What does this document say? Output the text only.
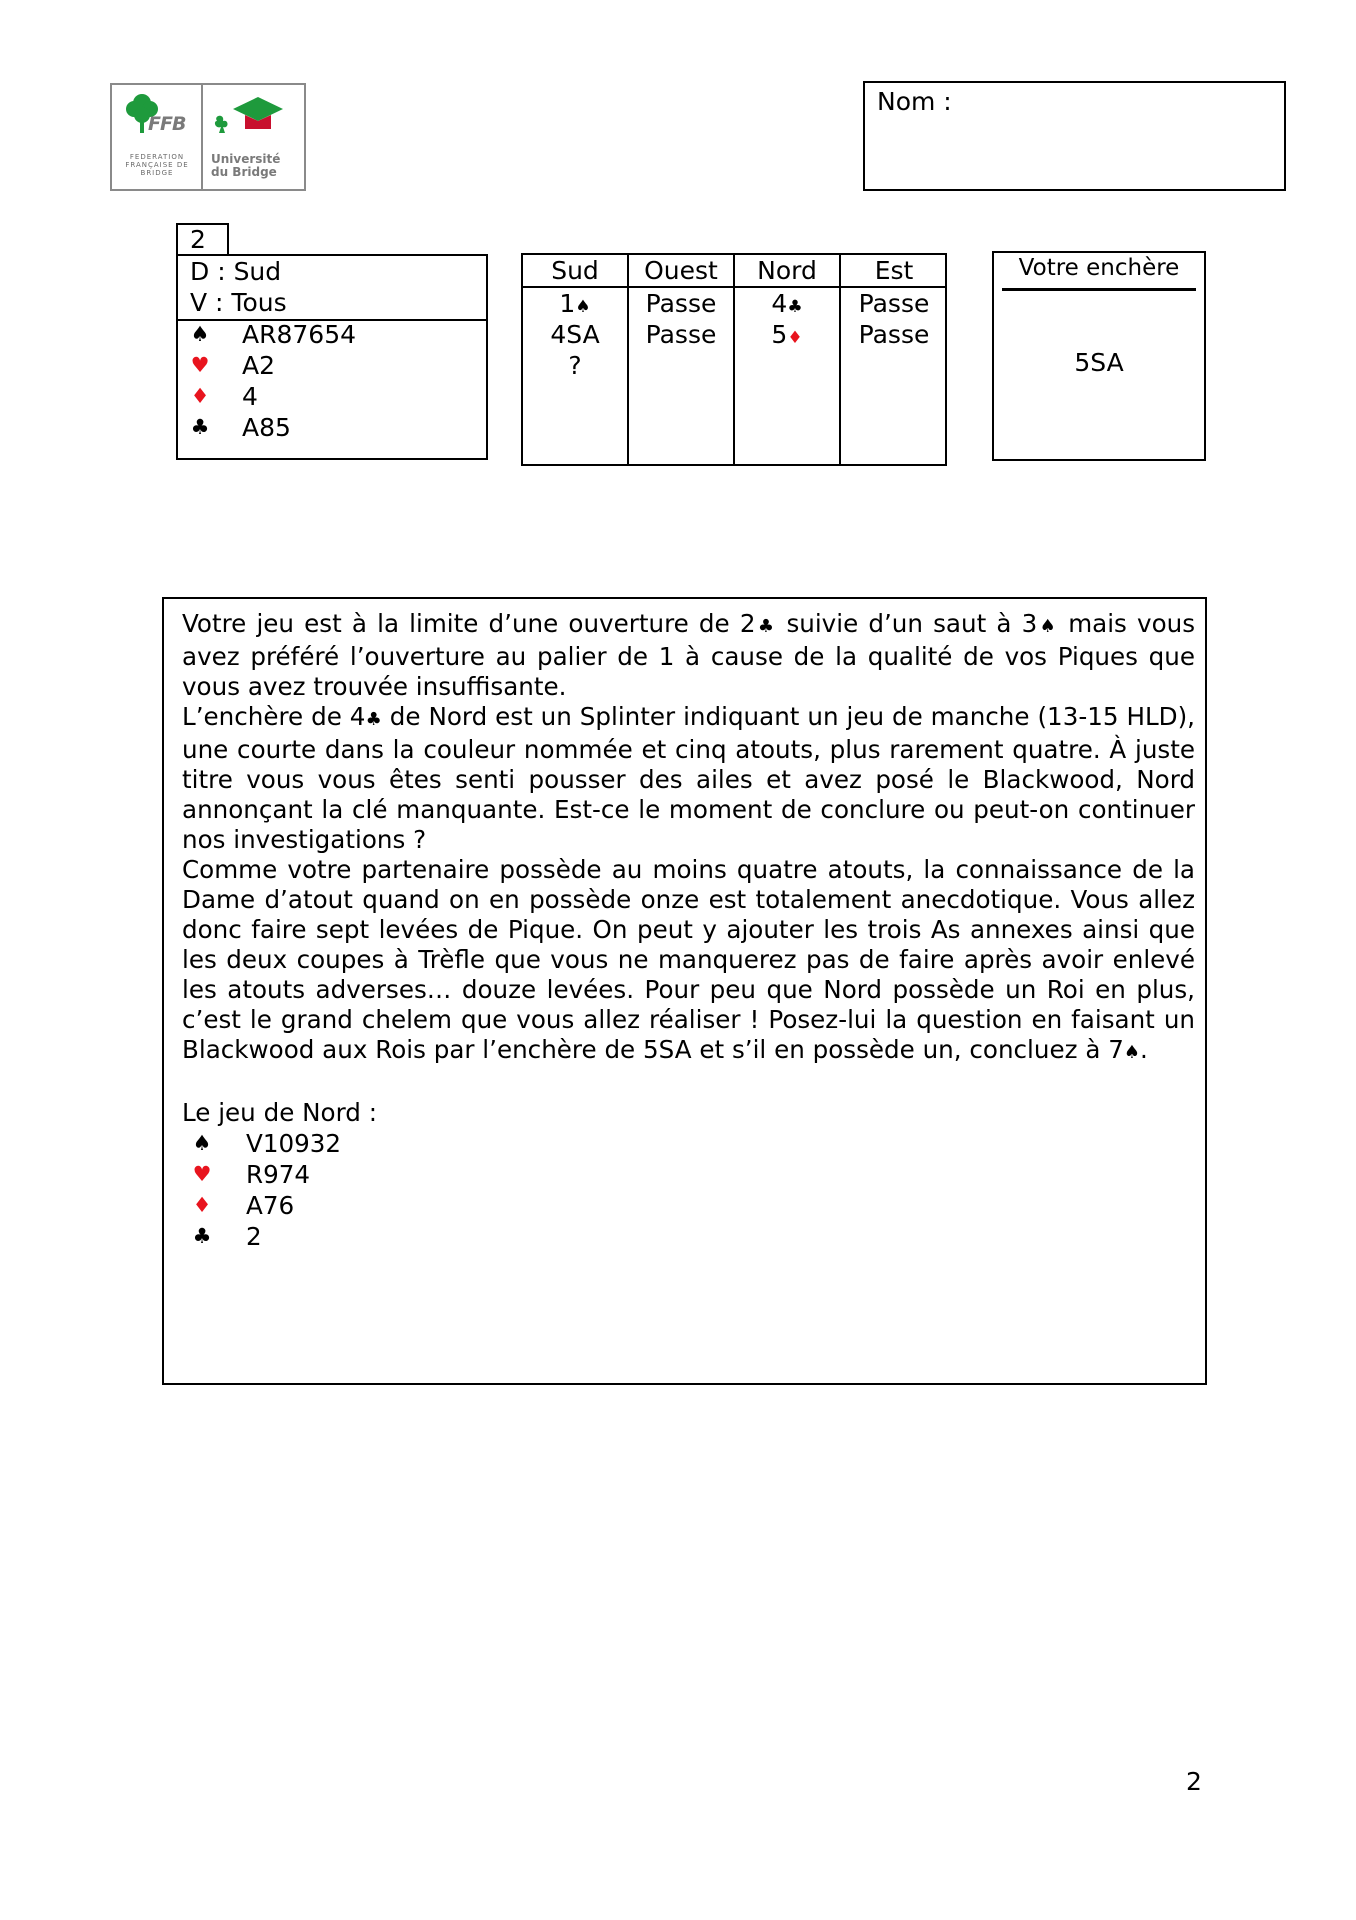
FFB
FEDERATION FRANÇAISE DE BRIDGE
Université
du Bridge
Nom :
2
D : Sud
V : Tous
♠ AR87654
♥ A2
♦ 4
♣ A85
Sud
1♠
4SA
?
Ouest
Passe
Passe
Nord
4♣
5♦
Est
Passe
Passe
Votre enchère
5SA

Votre jeu est à la limite d’une ouverture de 2♣ suivie d’un saut à 3♠ mais vous avez préféré l’ouverture au palier de 1 à cause de la qualité de vos Piques que vous avez trouvée insuffisante.

L’enchère de 4♣ de Nord est un Splinter indiquant un jeu de manche (13-15 HLD), une courte dans la couleur nommée et cinq atouts, plus rarement quatre. À juste titre vous vous êtes senti pousser des ailes et avez posé le Blackwood, Nord annonçant la clé manquante. Est-ce le moment de conclure ou peut-on continuer nos investigations ?

Comme votre partenaire possède au moins quatre atouts, la connaissance de la Dame d’atout quand on en possède onze est totalement anecdotique. Vous allez donc faire sept levées de Pique. On peut y ajouter les trois As annexes ainsi que les deux coupes à Trèfle que vous ne manquerez pas de faire après avoir enlevé les atouts adverses… douze levées. Pour peu que Nord possède un Roi en plus, c’est le grand chelem que vous allez réaliser ! Posez-lui la question en faisant un Blackwood aux Rois par l’enchère de 5SA et s’il en possède un, concluez à 7♠.

Le jeu de Nord :
♠ V10932
♥ R974
♦ A76
♣ 2
2
